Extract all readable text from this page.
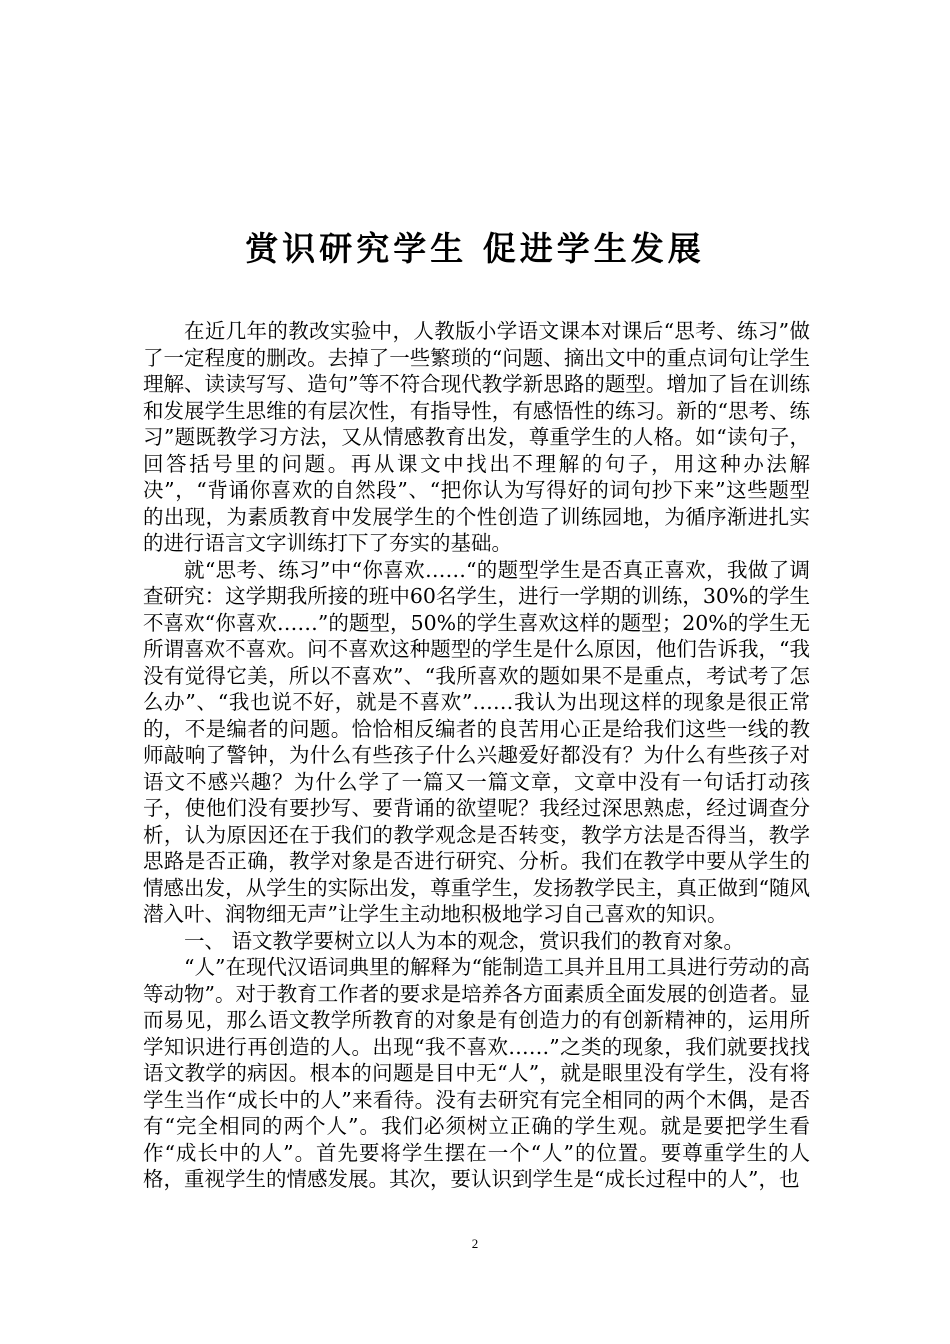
赏识研究学生 促进学生发展

在近几年的教改实验中，人教版小学语文课本对课后“思考、练习”做了一定程度的删改。去掉了一些繁琐的“问题、摘出文中的重点词句让学生理解、读读写写、造句”等不符合现代教学新思路的题型。增加了旨在训练和发展学生思维的有层次性，有指导性，有感悟性的练习。新的“思考、练习”题既教学习方法，又从情感教育出发，尊重学生的人格。如“读句子，回答括号里的问题。再从课文中找出不理解的句子，用这种办法解决”，“背诵你喜欢的自然段”、“把你认为写得好的词句抄下来”这些题型的出现，为素质教育中发展学生的个性创造了训练园地，为循序渐进扎实的进行语言文字训练打下了夯实的基础。

就“思考、练习”中“你喜欢……“的题型学生是否真正喜欢，我做了调查研究：这学期我所接的班中60名学生，进行一学期的训练，30%的学生不喜欢“你喜欢……”的题型，50%的学生喜欢这样的题型；20%的学生无所谓喜欢不喜欢。问不喜欢这种题型的学生是什么原因，他们告诉我，“我没有觉得它美，所以不喜欢”、“我所喜欢的题如果不是重点，考试考了怎么办”、“我也说不好，就是不喜欢”……我认为出现这样的现象是很正常的，不是编者的问题。恰恰相反编者的良苦用心正是给我们这些一线的教师敲响了警钟，为什么有些孩子什么兴趣爱好都没有？为什么有些孩子对语文不感兴趣？为什么学了一篇又一篇文章，文章中没有一句话打动孩子，使他们没有要抄写、要背诵的欲望呢？我经过深思熟虑，经过调查分析，认为原因还在于我们的教学观念是否转变，教学方法是否得当，教学思路是否正确，教学对象是否进行研究、分析。我们在教学中要从学生的情感出发，从学生的实际出发，尊重学生，发扬教学民主，真正做到“随风潜入叶、润物细无声”让学生主动地积极地学习自己喜欢的知识。

一、 语文教学要树立以人为本的观念，赏识我们的教育对象。

“人”在现代汉语词典里的解释为“能制造工具并且用工具进行劳动的高等动物”。对于教育工作者的要求是培养各方面素质全面发展的创造者。显而易见，那么语文教学所教育的对象是有创造力的有创新精神的，运用所学知识进行再创造的人。出现“我不喜欢……”之类的现象，我们就要找找语文教学的病因。根本的问题是目中无“人”，就是眼里没有学生，没有将学生当作“成长中的人”来看待。没有去研究有完全相同的两个木偶，是否有“完全相同的两个人”。我们必须树立正确的学生观。就是要把学生看作“成长中的人”。首先要将学生摆在一个“人”的位置。要尊重学生的人格，重视学生的情感发展。其次，要认识到学生是“成长过程中的人”，也

2
